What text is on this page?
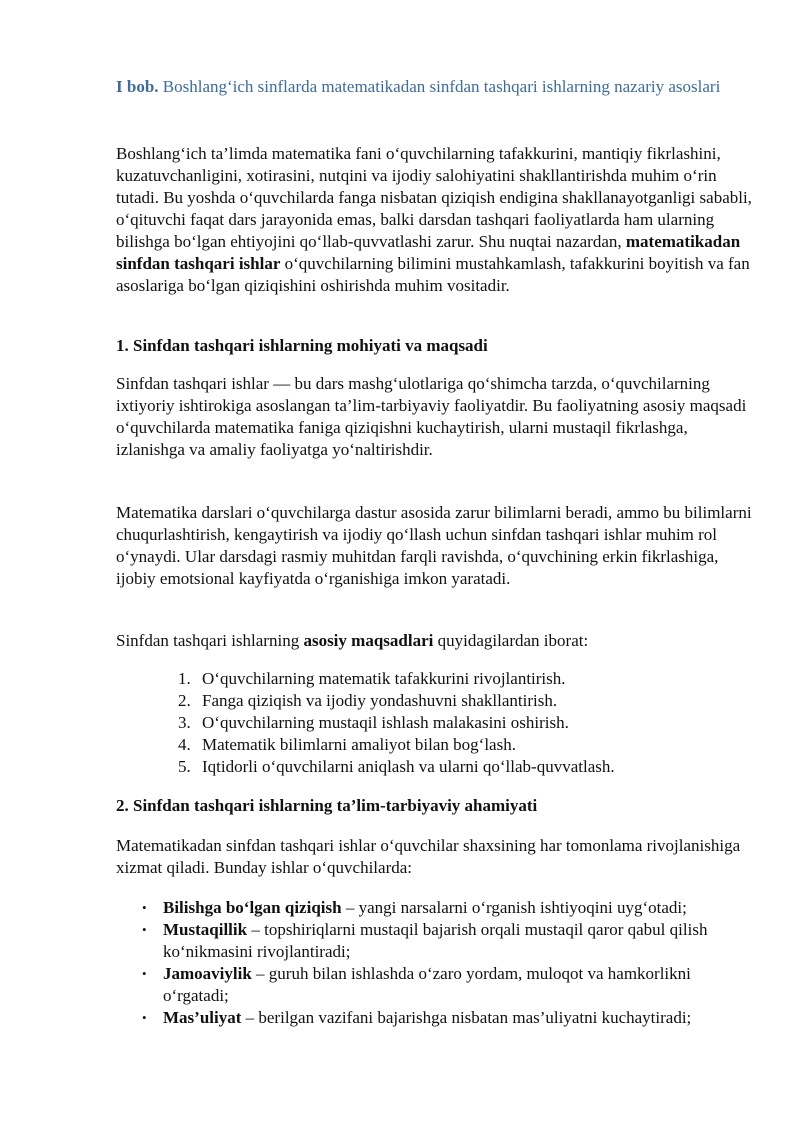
I bob. Boshlang‘ich sinflarda matematikadan sinfdan tashqari ishlarning nazariy asoslari

Boshlang‘ich ta’limda matematika fani o‘quvchilarning tafakkurini, mantiqiy fikrlashini, kuzatuvchanligini, xotirasini, nutqini va ijodiy salohiyatini shakllantirishda muhim o‘rin tutadi. Bu yoshda o‘quvchilarda fanga nisbatan qiziqish endigina shakllanayotganligi sababli, o‘qituvchi faqat dars jarayonida emas, balki darsdan tashqari faoliyatlarda ham ularning bilishga bo‘lgan ehtiyojini qo‘llab-quvvatlashi zarur. Shu nuqtai nazardan, matematikadan sinfdan tashqari ishlar o‘quvchilarning bilimini mustahkamlash, tafakkurini boyitish va fan asoslariga bo‘lgan qiziqishini oshirishda muhim vositadir.

1. Sinfdan tashqari ishlarning mohiyati va maqsadi

Sinfdan tashqari ishlar — bu dars mashg‘ulotlariga qo‘shimcha tarzda, o‘quvchilarning ixtiyoriy ishtirokiga asoslangan ta’lim-tarbiyaviy faoliyatdir. Bu faoliyatning asosiy maqsadi o‘quvchilarda matematika faniga qiziqishni kuchaytirish, ularni mustaqil fikrlashga, izlanishga va amaliy faoliyatga yo‘naltirishdir.

Matematika darslari o‘quvchilarga dastur asosida zarur bilimlarni beradi, ammo bu bilimlarni chuqurlashtirish, kengaytirish va ijodiy qo‘llash uchun sinfdan tashqari ishlar muhim rol o‘ynaydi. Ular darsdagi rasmiy muhitdan farqli ravishda, o‘quvchining erkin fikrlashiga, ijobiy emotsional kayfiyatda o‘rganishiga imkon yaratadi.

Sinfdan tashqari ishlarning asosiy maqsadlari quyidagilardan iborat:

1. O‘quvchilarning matematik tafakkurini rivojlantirish.
2. Fanga qiziqish va ijodiy yondashuvni shakllantirish.
3. O‘quvchilarning mustaqil ishlash malakasini oshirish.
4. Matematik bilimlarni amaliyot bilan bog‘lash.
5. Iqtidorli o‘quvchilarni aniqlash va ularni qo‘llab-quvvatlash.
2. Sinfdan tashqari ishlarning ta’lim-tarbiyaviy ahamiyati

Matematikadan sinfdan tashqari ishlar o‘quvchilar shaxsining har tomonlama rivojlanishiga xizmat qiladi. Bunday ishlar o‘quvchilarda:

• Bilishga bo‘lgan qiziqish – yangi narsalarni o‘rganish ishtiyoqini uyg‘otadi;
• Mustaqillik – topshiriqlarni mustaqil bajarish orqali mustaqil qaror qabul qilish ko‘nikmasini rivojlantiradi;
• Jamoaviylik – guruh bilan ishlashda o‘zaro yordam, muloqot va hamkorlikni o‘rgatadi;
• Mas’uliyat – berilgan vazifani bajarishga nisbatan mas’uliyatni kuchaytiradi;
